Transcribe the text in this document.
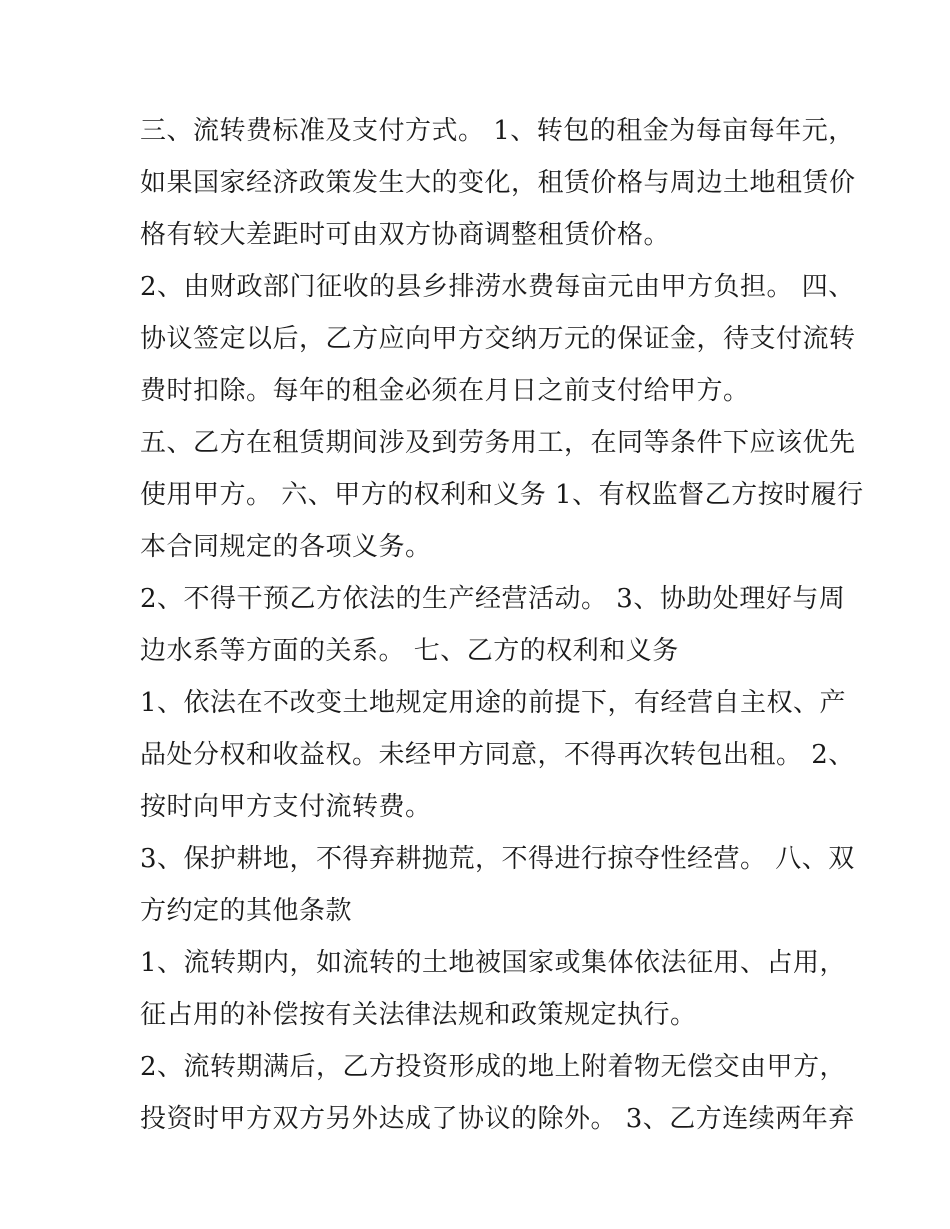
三、流转费标准及支付方式。 1、转包的租金为每亩每年元，
如果国家经济政策发生大的变化，租赁价格与周边土地租赁价
格有较大差距时可由双方协商调整租赁价格。
2、由财政部门征收的县乡排涝水费每亩元由甲方负担。 四、
协议签定以后，乙方应向甲方交纳万元的保证金，待支付流转
费时扣除。每年的租金必须在月日之前支付给甲方。
五、乙方在租赁期间涉及到劳务用工，在同等条件下应该优先
使用甲方。 六、甲方的权利和义务 1、有权监督乙方按时履行
本合同规定的各项义务。
2、不得干预乙方依法的生产经营活动。 3、协助处理好与周
边水系等方面的关系。 七、乙方的权利和义务
1、依法在不改变土地规定用途的前提下，有经营自主权、产
品处分权和收益权。未经甲方同意，不得再次转包出租。 2、
按时向甲方支付流转费。
3、保护耕地，不得弃耕抛荒，不得进行掠夺性经营。 八、双
方约定的其他条款
1、流转期内，如流转的土地被国家或集体依法征用、占用，
征占用的补偿按有关法律法规和政策规定执行。
2、流转期满后，乙方投资形成的地上附着物无偿交由甲方，
投资时甲方双方另外达成了协议的除外。 3、乙方连续两年弃
